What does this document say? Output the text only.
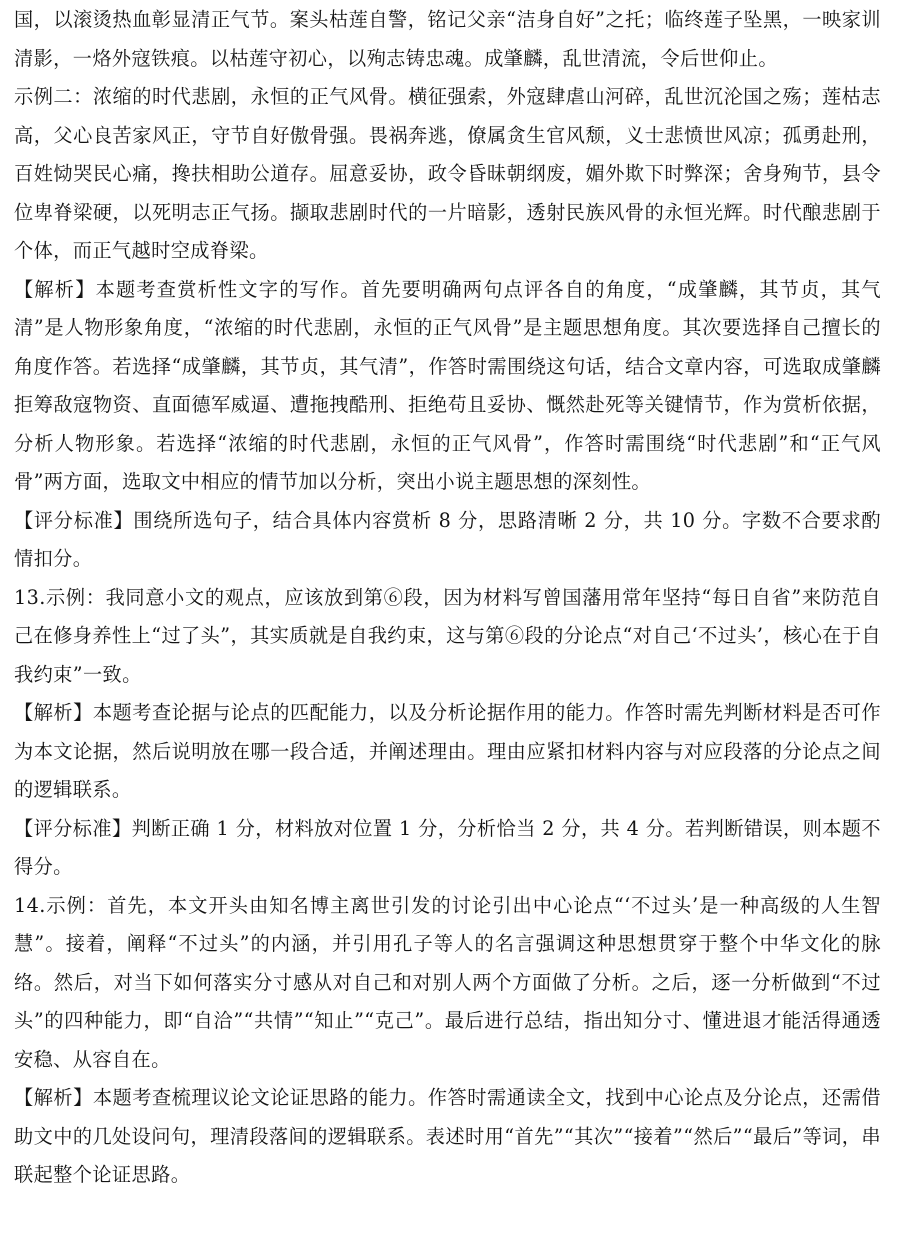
国，以滚烫热血彰显清正气节。案头枯莲自警，铭记父亲“洁身自好”之托；临终莲子坠黑，一映家训清影，一烙外寇铁痕。以枯莲守初心，以殉志铸忠魂。成肇麟，乱世清流，令后世仰止。

示例二：浓缩的时代悲剧，永恒的正气风骨。横征强索，外寇肆虐山河碎，乱世沉沦国之殇；莲枯志高，父心良苦家风正，守节自好傲骨强。畏祸奔逃，僚属贪生官风颓，义士悲愤世风凉；孤勇赴刑，百姓恸哭民心痛，搀扶相助公道存。屈意妥协，政令昏昧朝纲废，媚外欺下时弊深；舍身殉节，县令位卑脊梁硬，以死明志正气扬。撷取悲剧时代的一片暗影，透射民族风骨的永恒光辉。时代酿悲剧于个体，而正气越时空成脊梁。

【解析】本题考查赏析性文字的写作。首先要明确两句点评各自的角度，“成肇麟，其节贞，其气清”是人物形象角度，“浓缩的时代悲剧，永恒的正气风骨”是主题思想角度。其次要选择自己擅长的角度作答。若选择“成肇麟，其节贞，其气清”，作答时需围绕这句话，结合文章内容，可选取成肇麟拒筹敌寇物资、直面德军威逼、遭拖拽酷刑、拒绝苟且妥协、慨然赴死等关键情节，作为赏析依据，分析人物形象。若选择“浓缩的时代悲剧，永恒的正气风骨”，作答时需围绕“时代悲剧”和“正气风骨”两方面，选取文中相应的情节加以分析，突出小说主题思想的深刻性。

【评分标准】围绕所选句子，结合具体内容赏析 8 分，思路清晰 2 分，共 10 分。字数不合要求酌情扣分。

13.示例：我同意小文的观点，应该放到第⑥段，因为材料写曾国藩用常年坚持“每日自省”来防范自己在修身养性上“过了头”，其实质就是自我约束，这与第⑥段的分论点“对自己‘不过头’，核心在于自我约束”一致。

【解析】本题考查论据与论点的匹配能力，以及分析论据作用的能力。作答时需先判断材料是否可作为本文论据，然后说明放在哪一段合适，并阐述理由。理由应紧扣材料内容与对应段落的分论点之间的逻辑联系。

【评分标准】判断正确 1 分，材料放对位置 1 分，分析恰当 2 分，共 4 分。若判断错误，则本题不得分。

14.示例：首先，本文开头由知名博主离世引发的讨论引出中心论点“‘不过头’是一种高级的人生智慧”。接着，阐释“不过头”的内涵，并引用孔子等人的名言强调这种思想贯穿于整个中华文化的脉络。然后，对当下如何落实分寸感从对自己和对别人两个方面做了分析。之后，逐一分析做到“不过头”的四种能力，即“自洽”“共情”“知止”“克己”。最后进行总结，指出知分寸、懂进退才能活得通透安稳、从容自在。

【解析】本题考查梳理议论文论证思路的能力。作答时需通读全文，找到中心论点及分论点，还需借助文中的几处设问句，理清段落间的逻辑联系。表述时用“首先”“其次”“接着”“然后”“最后”等词，串联起整个论证思路。
